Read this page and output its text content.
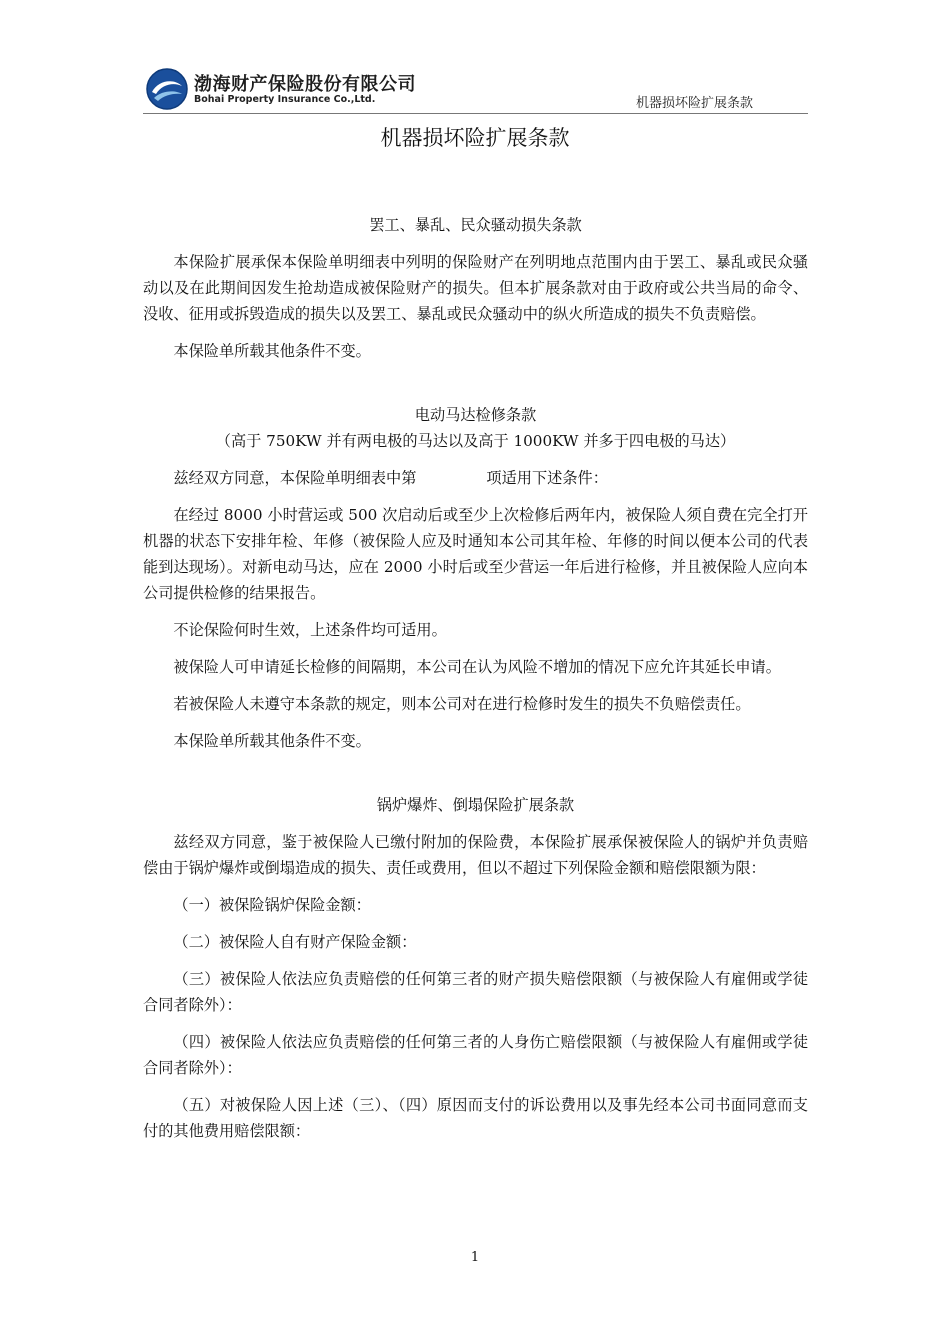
渤海财产保险股份有限公司
Bohai Property Insurance Co.,Ltd.	机器损坏险扩展条款
机器损坏险扩展条款

罢工、暴乱、民众骚动损失条款

本保险扩展承保本保险单明细表中列明的保险财产在列明地点范围内由于罢工、暴乱或民众骚动以及在此期间因发生抢劫造成被保险财产的损失。但本扩展条款对由于政府或公共当局的命令、没收、征用或拆毁造成的损失以及罢工、暴乱或民众骚动中的纵火所造成的损失不负责赔偿。

本保险单所载其他条件不变。

电动马达检修条款

（高于 750KW 并有两电极的马达以及高于 1000KW 并多于四电极的马达）

兹经双方同意，本保险单明细表中第	项适用下述条件：

在经过 8000 小时营运或 500 次启动后或至少上次检修后两年内，被保险人须自费在完全打开机器的状态下安排年检、年修（被保险人应及时通知本公司其年检、年修的时间以便本公司的代表能到达现场）。对新电动马达，应在 2000 小时后或至少营运一年后进行检修，并且被保险人应向本公司提供检修的结果报告。

不论保险何时生效，上述条件均可适用。

被保险人可申请延长检修的间隔期，本公司在认为风险不增加的情况下应允许其延长申请。

若被保险人未遵守本条款的规定，则本公司对在进行检修时发生的损失不负赔偿责任。

本保险单所载其他条件不变。

锅炉爆炸、倒塌保险扩展条款

兹经双方同意，鉴于被保险人已缴付附加的保险费，本保险扩展承保被保险人的锅炉并负责赔偿由于锅炉爆炸或倒塌造成的损失、责任或费用，但以不超过下列保险金额和赔偿限额为限：

（一）被保险锅炉保险金额：

（二）被保险人自有财产保险金额：

（三）被保险人依法应负责赔偿的任何第三者的财产损失赔偿限额（与被保险人有雇佣或学徒合同者除外）：

（四）被保险人依法应负责赔偿的任何第三者的人身伤亡赔偿限额（与被保险人有雇佣或学徒合同者除外）：

（五）对被保险人因上述（三）、（四）原因而支付的诉讼费用以及事先经本公司书面同意而支付的其他费用赔偿限额：

1
